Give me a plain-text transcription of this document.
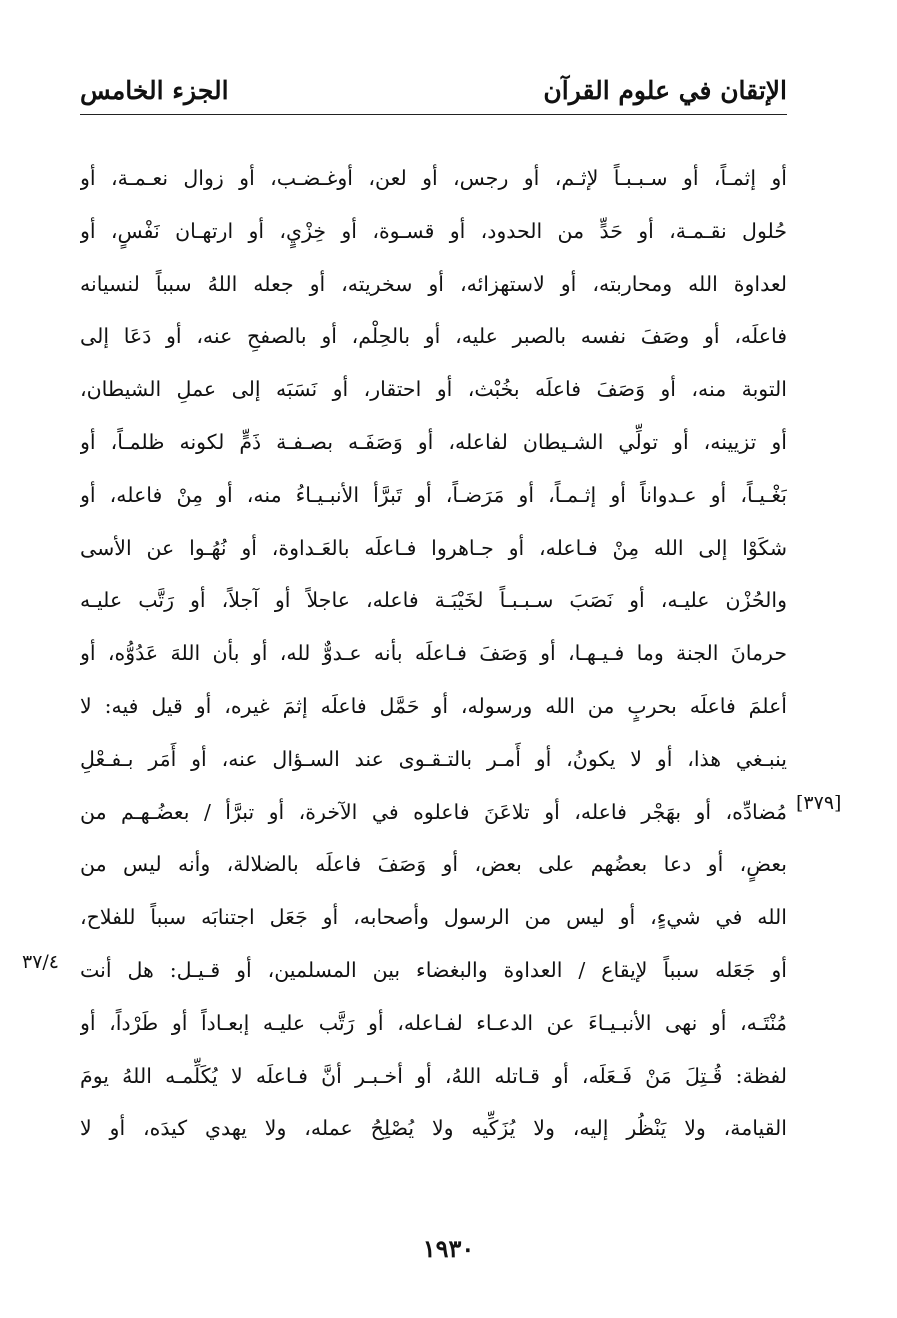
الإتقان في علوم القرآن
الجزء الخامس
أو إثمـاً، أو سـبـبـاً لإثـم، أو رجس، أو لعن، أوغـضـب، أو زوال نعـمـة، أو
حُلول نقـمـة، أو حَدٍّ من الحدود، أو قسـوة، أو خِزْيٍ، أو ارتهـان نَفْسٍ، أو
لعداوة الله ومحاربته، أو لاستهزائه، أو سخريته، أو جعله اللهُ سبباً لنسيانه
فاعلَه، أو وصَفَ نفسه بالصبر عليه، أو بالحِلْم، أو بالصفحِ عنه، أو دَعَا إلى
التوبة منه، أو وَصَفَ فاعلَه بخُبْث، أو احتقار، أو نَسَبَه إلى عملِ الشيطان،
أو تزيينه، أو تولِّي الشـيطان لفاعله، أو وَصَفَـه بصـفـة ذَمٍّ لكونه ظلمـاً، أو
بَغْـيـاً، أو عـدواناً أو إثـمـاً، أو مَرَضـاً، أو تَبرَّأ الأنبـيـاءُ منه، أو مِنْ فاعله، أو
شكَوْا إلى الله مِنْ فـاعله، أو جـاهروا فـاعلَه بالعَـداوة، أو نُهُـوا عن الأسى
والحُزْن عليـه، أو نَصَبَ سـبـبـاً لخَيْبَـة فاعله، عاجلاً أو آجلاً، أو رَتَّب عليـه
حرمانَ الجنة وما فـيـهـا، أو وَصَفَ فـاعلَه بأنه عـدوٌّ لله، أو بأن اللهَ عَدُوُّه، أو
أعلمَ فاعلَه بحربٍ من الله ورسوله، أو حَمَّل فاعلَه إثمَ غيره، أو قيل فيه: لا
ينبـغي هذا، أو لا يكونُ، أو أَمـر بالتـقـوى عند السـؤال عنه، أو أَمَر بـفـعْلِ
مُضادِّه، أو بهَجْر فاعله، أو تلاعَنَ فاعلوه في الآخرة، أو تبرَّأ / بعضُـهـم من
بعضٍ، أو دعا بعضُهم على بعض، أو وَصَفَ فاعلَه بالضلالة، وأنه ليس من
الله في شيءٍ، أو ليس من الرسول وأصحابه، أو جَعَل اجتنابَه سبباً للفلاح،
أو جَعَله سبباً لإيقاع / العداوة والبغضاء بين المسلمين، أو قـيـل: هل أنت
مُنْتَـه، أو نهى الأنبـيـاءَ عن الدعـاء لفـاعله، أو رَتَّب عليـه إبعـاداً أو طَرْداً، أو
لفظة: قُـتِلَ مَنْ فَـعَلَه، أو قـاتله اللهُ، أو أخـبـر أنَّ فـاعلَه لا يُكَلِّمـه اللهُ يومَ
القيامة، ولا يَنْظُر إليه، ولا يُزَكِّيه ولا يُصْلِحُ عمله، ولا يهدي كيدَه، أو لا
[٣٧٩]
٣٧/٤
١٩٣٠
